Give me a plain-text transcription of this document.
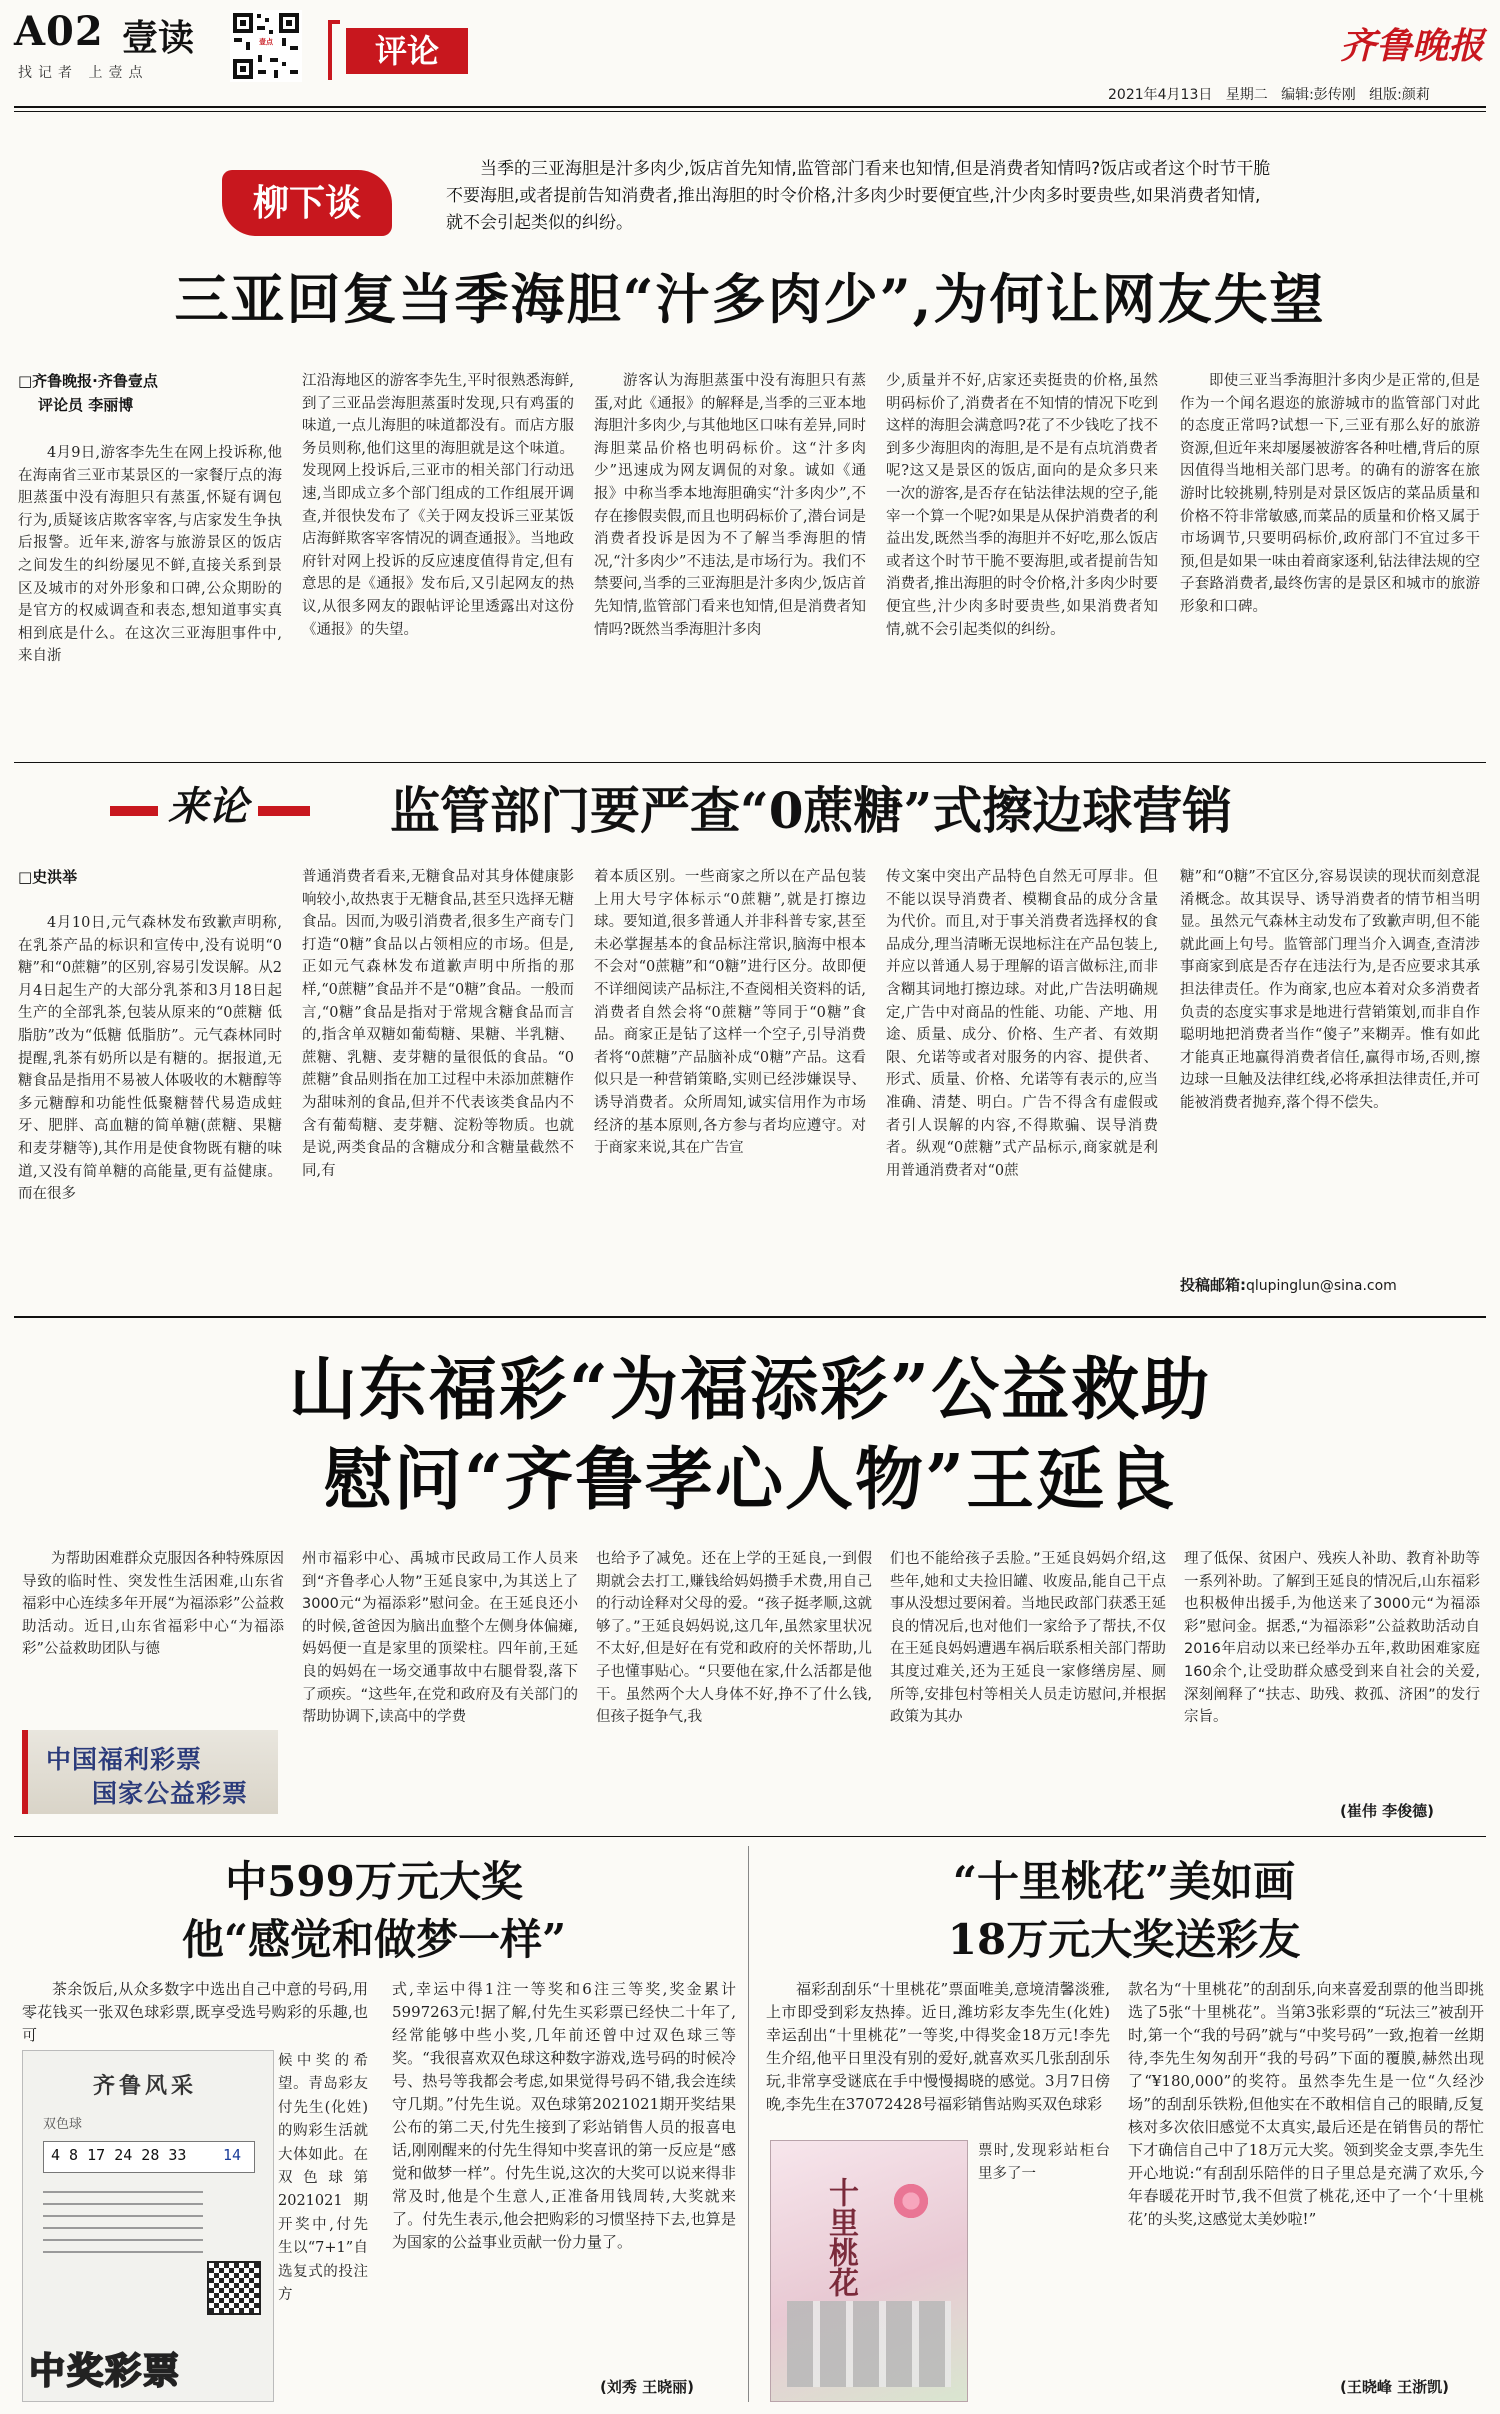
A02 壹读
找记者 上壹点
壹点	评论	齐鲁晚报
2021年4月13日 星期二 编辑:彭传刚 组版:颜莉
柳下谈
当季的三亚海胆是汁多肉少,饭店首先知情,监管部门看来也知情,但是消费者知情吗?饭店或者这个时节干脆不要海胆,或者提前告知消费者,推出海胆的时令价格,汁多肉少时要便宜些,汁少肉多时要贵些,如果消费者知情,就不会引起类似的纠纷。
三亚回复当季海胆“汁多肉少”,为何让网友失望
□齐鲁晚报·齐鲁壹点
评论员 李丽博

4月9日,游客李先生在网上投诉称,他在海南省三亚市某景区的一家餐厅点的海胆蒸蛋中没有海胆只有蒸蛋,怀疑有调包行为,质疑该店欺客宰客,与店家发生争执后报警。近年来,游客与旅游景区的饭店之间发生的纠纷屡见不鲜,直接关系到景区及城市的对外形象和口碑,公众期盼的是官方的权威调查和表态,想知道事实真相到底是什么。在这次三亚海胆事件中,来自浙

江沿海地区的游客李先生,平时很熟悉海鲜,到了三亚品尝海胆蒸蛋时发现,只有鸡蛋的味道,一点儿海胆的味道都没有。而店方服务员则称,他们这里的海胆就是这个味道。发现网上投诉后,三亚市的相关部门行动迅速,当即成立多个部门组成的工作组展开调查,并很快发布了《关于网友投诉三亚某饭店海鲜欺客宰客情况的调查通报》。当地政府针对网上投诉的反应速度值得肯定,但有意思的是《通报》发布后,又引起网友的热议,从很多网友的跟帖评论里透露出对这份《通报》的失望。

游客认为海胆蒸蛋中没有海胆只有蒸蛋,对此《通报》的解释是,当季的三亚本地海胆汁多肉少,与其他地区口味有差异,同时海胆菜品价格也明码标价。这“汁多肉少”迅速成为网友调侃的对象。诚如《通报》中称当季本地海胆确实“汁多肉少”,不存在掺假卖假,而且也明码标价了,潜台词是消费者投诉是因为不了解当季海胆的情况,“汁多肉少”不违法,是市场行为。我们不禁要问,当季的三亚海胆是汁多肉少,饭店首先知情,监管部门看来也知情,但是消费者知情吗?既然当季海胆汁多肉

少,质量并不好,店家还卖挺贵的价格,虽然明码标价了,消费者在不知情的情况下吃到这样的海胆会满意吗?花了不少钱吃了找不到多少海胆肉的海胆,是不是有点坑消费者呢?这又是景区的饭店,面向的是众多只来一次的游客,是否存在钻法律法规的空子,能宰一个算一个呢?如果是从保护消费者的利益出发,既然当季的海胆并不好吃,那么饭店或者这个时节干脆不要海胆,或者提前告知消费者,推出海胆的时令价格,汁多肉少时要便宜些,汁少肉多时要贵些,如果消费者知情,就不会引起类似的纠纷。

即使三亚当季海胆汁多肉少是正常的,但是作为一个闻名遐迩的旅游城市的监管部门对此的态度正常吗?试想一下,三亚有那么好的旅游资源,但近年来却屡屡被游客各种吐槽,背后的原因值得当地相关部门思考。的确有的游客在旅游时比较挑剔,特别是对景区饭店的菜品质量和价格不符非常敏感,而菜品的质量和价格又属于市场调节,只要明码标价,政府部门不宜过多干预,但是如果一味由着商家逐利,钻法律法规的空子套路消费者,最终伤害的是景区和城市的旅游形象和口碑。

来论	监管部门要严查“0蔗糖”式擦边球营销
□史洪举

4月10日,元气森林发布致歉声明称,在乳茶产品的标识和宣传中,没有说明“0糖”和“0蔗糖”的区别,容易引发误解。从2月4日起生产的大部分乳茶和3月18日起生产的全部乳茶,包装从原来的“0蔗糖 低脂肪”改为“低糖 低脂肪”。元气森林同时提醒,乳茶有奶所以是有糖的。据报道,无糖食品是指用不易被人体吸收的木糖醇等多元糖醇和功能性低聚糖替代易造成蛀牙、肥胖、高血糖的简单糖(蔗糖、果糖和麦芽糖等),其作用是使食物既有糖的味道,又没有简单糖的高能量,更有益健康。而在很多

普通消费者看来,无糖食品对其身体健康影响较小,故热衷于无糖食品,甚至只选择无糖食品。因而,为吸引消费者,很多生产商专门打造“0糖”食品以占领相应的市场。但是,正如元气森林发布道歉声明中所指的那样,“0蔗糖”食品并不是“0糖”食品。一般而言,“0糖”食品是指对于常规含糖食品而言的,指含单双糖如葡萄糖、果糖、半乳糖、蔗糖、乳糖、麦芽糖的量很低的食品。“0蔗糖”食品则指在加工过程中未添加蔗糖作为甜味剂的食品,但并不代表该类食品内不含有葡萄糖、麦芽糖、淀粉等物质。也就是说,两类食品的含糖成分和含糖量截然不同,有

着本质区别。一些商家之所以在产品包装上用大号字体标示“0蔗糖”,就是打擦边球。要知道,很多普通人并非科普专家,甚至未必掌握基本的食品标注常识,脑海中根本不会对“0蔗糖”和“0糖”进行区分。故即便不详细阅读产品标注,不查阅相关资料的话,消费者自然会将“0蔗糖”等同于“0糖”食品。商家正是钻了这样一个空子,引导消费者将“0蔗糖”产品脑补成“0糖”产品。这看似只是一种营销策略,实则已经涉嫌误导、诱导消费者。众所周知,诚实信用作为市场经济的基本原则,各方参与者均应遵守。对于商家来说,其在广告宣

传文案中突出产品特色自然无可厚非。但不能以误导消费者、模糊食品的成分含量为代价。而且,对于事关消费者选择权的食品成分,理当清晰无误地标注在产品包装上,并应以普通人易于理解的语言做标注,而非含糊其词地打擦边球。对此,广告法明确规定,广告中对商品的性能、功能、产地、用途、质量、成分、价格、生产者、有效期限、允诺等或者对服务的内容、提供者、形式、质量、价格、允诺等有表示的,应当准确、清楚、明白。广告不得含有虚假或者引人误解的内容,不得欺骗、误导消费者。纵观“0蔗糖”式产品标示,商家就是利用普通消费者对“0蔗

糖”和“0糖”不宜区分,容易误读的现状而刻意混淆概念。故其误导、诱导消费者的情节相当明显。虽然元气森林主动发布了致歉声明,但不能就此画上句号。监管部门理当介入调查,查清涉事商家到底是否存在违法行为,是否应要求其承担法律责任。作为商家,也应本着对众多消费者负责的态度实事求是地进行营销策划,而非自作聪明地把消费者当作“傻子”来糊弄。惟有如此才能真正地赢得消费者信任,赢得市场,否则,擦边球一旦触及法律红线,必将承担法律责任,并可能被消费者抛弃,落个得不偿失。

投稿邮箱:qlupinglun@sina.com
山东福彩“为福添彩”公益救助
慰问“齐鲁孝心人物”王延良

为帮助困难群众克服因各种特殊原因导致的临时性、突发性生活困难,山东省福彩中心连续多年开展“为福添彩”公益救助活动。近日,山东省福彩中心“为福添彩”公益救助团队与德

中国福利彩票
国家公益彩票

州市福彩中心、禹城市民政局工作人员来到“齐鲁孝心人物”王延良家中,为其送上了3000元“为福添彩”慰问金。在王延良还小的时候,爸爸因为脑出血整个左侧身体偏瘫,妈妈便一直是家里的顶梁柱。四年前,王延良的妈妈在一场交通事故中右腿骨裂,落下了顽疾。“这些年,在党和政府及有关部门的帮助协调下,读高中的学费

也给予了减免。还在上学的王延良,一到假期就会去打工,赚钱给妈妈攒手术费,用自己的行动诠释对父母的爱。“孩子挺孝顺,这就够了。”王延良妈妈说,这几年,虽然家里状况不太好,但是好在有党和政府的关怀帮助,儿子也懂事贴心。“只要他在家,什么活都是他干。虽然两个大人身体不好,挣不了什么钱,但孩子挺争气,我

们也不能给孩子丢脸。”王延良妈妈介绍,这些年,她和丈夫捡旧罐、收废品,能自己干点事从没想过要闲着。当地民政部门获悉王延良的情况后,也对他们一家给予了帮扶,不仅在王延良妈妈遭遇车祸后联系相关部门帮助其度过难关,还为王延良一家修缮房屋、厕所等,安排包村等相关人员走访慰问,并根据政策为其办

理了低保、贫困户、残疾人补助、教育补助等一系列补助。了解到王延良的情况后,山东福彩也积极伸出援手,为他送来了3000元“为福添彩”慰问金。据悉,“为福添彩”公益救助活动自2016年启动以来已经举办五年,救助困难家庭160余个,让受助群众感受到来自社会的关爱,深刻阐释了“扶志、助残、救孤、济困”的发行宗旨。

(崔伟 李俊德)
中599万元大奖
他“感觉和做梦一样”

茶余饭后,从众多数字中选出自己中意的号码,用零花钱买一张双色球彩票,既享受选号购彩的乐趣,也可

齐鲁风采
双色球
4 8 17 24 28 33 14
中奖彩票

候中奖的希望。青岛彩友付先生(化姓)的购彩生活就大体如此。在双色球第2021021期开奖中,付先生以“7+1”自选复式的投注方

式,幸运中得1注一等奖和6注三等奖,奖金累计5997263元!据了解,付先生买彩票已经快二十年了,经常能够中些小奖,几年前还曾中过双色球三等奖。“我很喜欢双色球这种数字游戏,选号码的时候冷号、热号等我都会考虑,如果觉得号码不错,我会连续守几期。”付先生说。双色球第2021021期开奖结果公布的第二天,付先生接到了彩站销售人员的报喜电话,刚刚醒来的付先生得知中奖喜讯的第一反应是“感觉和做梦一样”。付先生说,这次的大奖可以说来得非常及时,他是个生意人,正准备用钱周转,大奖就来了。付先生表示,他会把购彩的习惯坚持下去,也算是为国家的公益事业贡献一份力量了。

(刘秀 王晓丽)
“十里桃花”美如画
18万元大奖送彩友

福彩刮刮乐“十里桃花”票面唯美,意境清馨淡雅,上市即受到彩友热捧。近日,潍坊彩友李先生(化姓)幸运刮出“十里桃花”一等奖,中得奖金18万元!李先生介绍,他平日里没有别的爱好,就喜欢买几张刮刮乐玩,非常享受谜底在手中慢慢揭晓的感觉。3月7日傍晚,李先生在37072428号福彩销售站购买双色球彩

十里桃花

票时,发现彩站柜台里多了一

款名为“十里桃花”的刮刮乐,向来喜爱刮票的他当即挑选了5张“十里桃花”。当第3张彩票的“玩法三”被刮开时,第一个“我的号码”就与“中奖号码”一致,抱着一丝期待,李先生匆匆刮开“我的号码”下面的覆膜,赫然出现了“¥180,000”的奖符。虽然李先生是一位“久经沙场”的刮刮乐铁粉,但他实在不敢相信自己的眼睛,反复核对多次依旧感觉不太真实,最后还是在销售员的帮忙下才确信自己中了18万元大奖。领到奖金支票,李先生开心地说:“有刮刮乐陪伴的日子里总是充满了欢乐,今年春暖花开时节,我不但赏了桃花,还中了一个‘十里桃花’的头奖,这感觉太美妙啦!”

(王晓峰 王浙凯)
